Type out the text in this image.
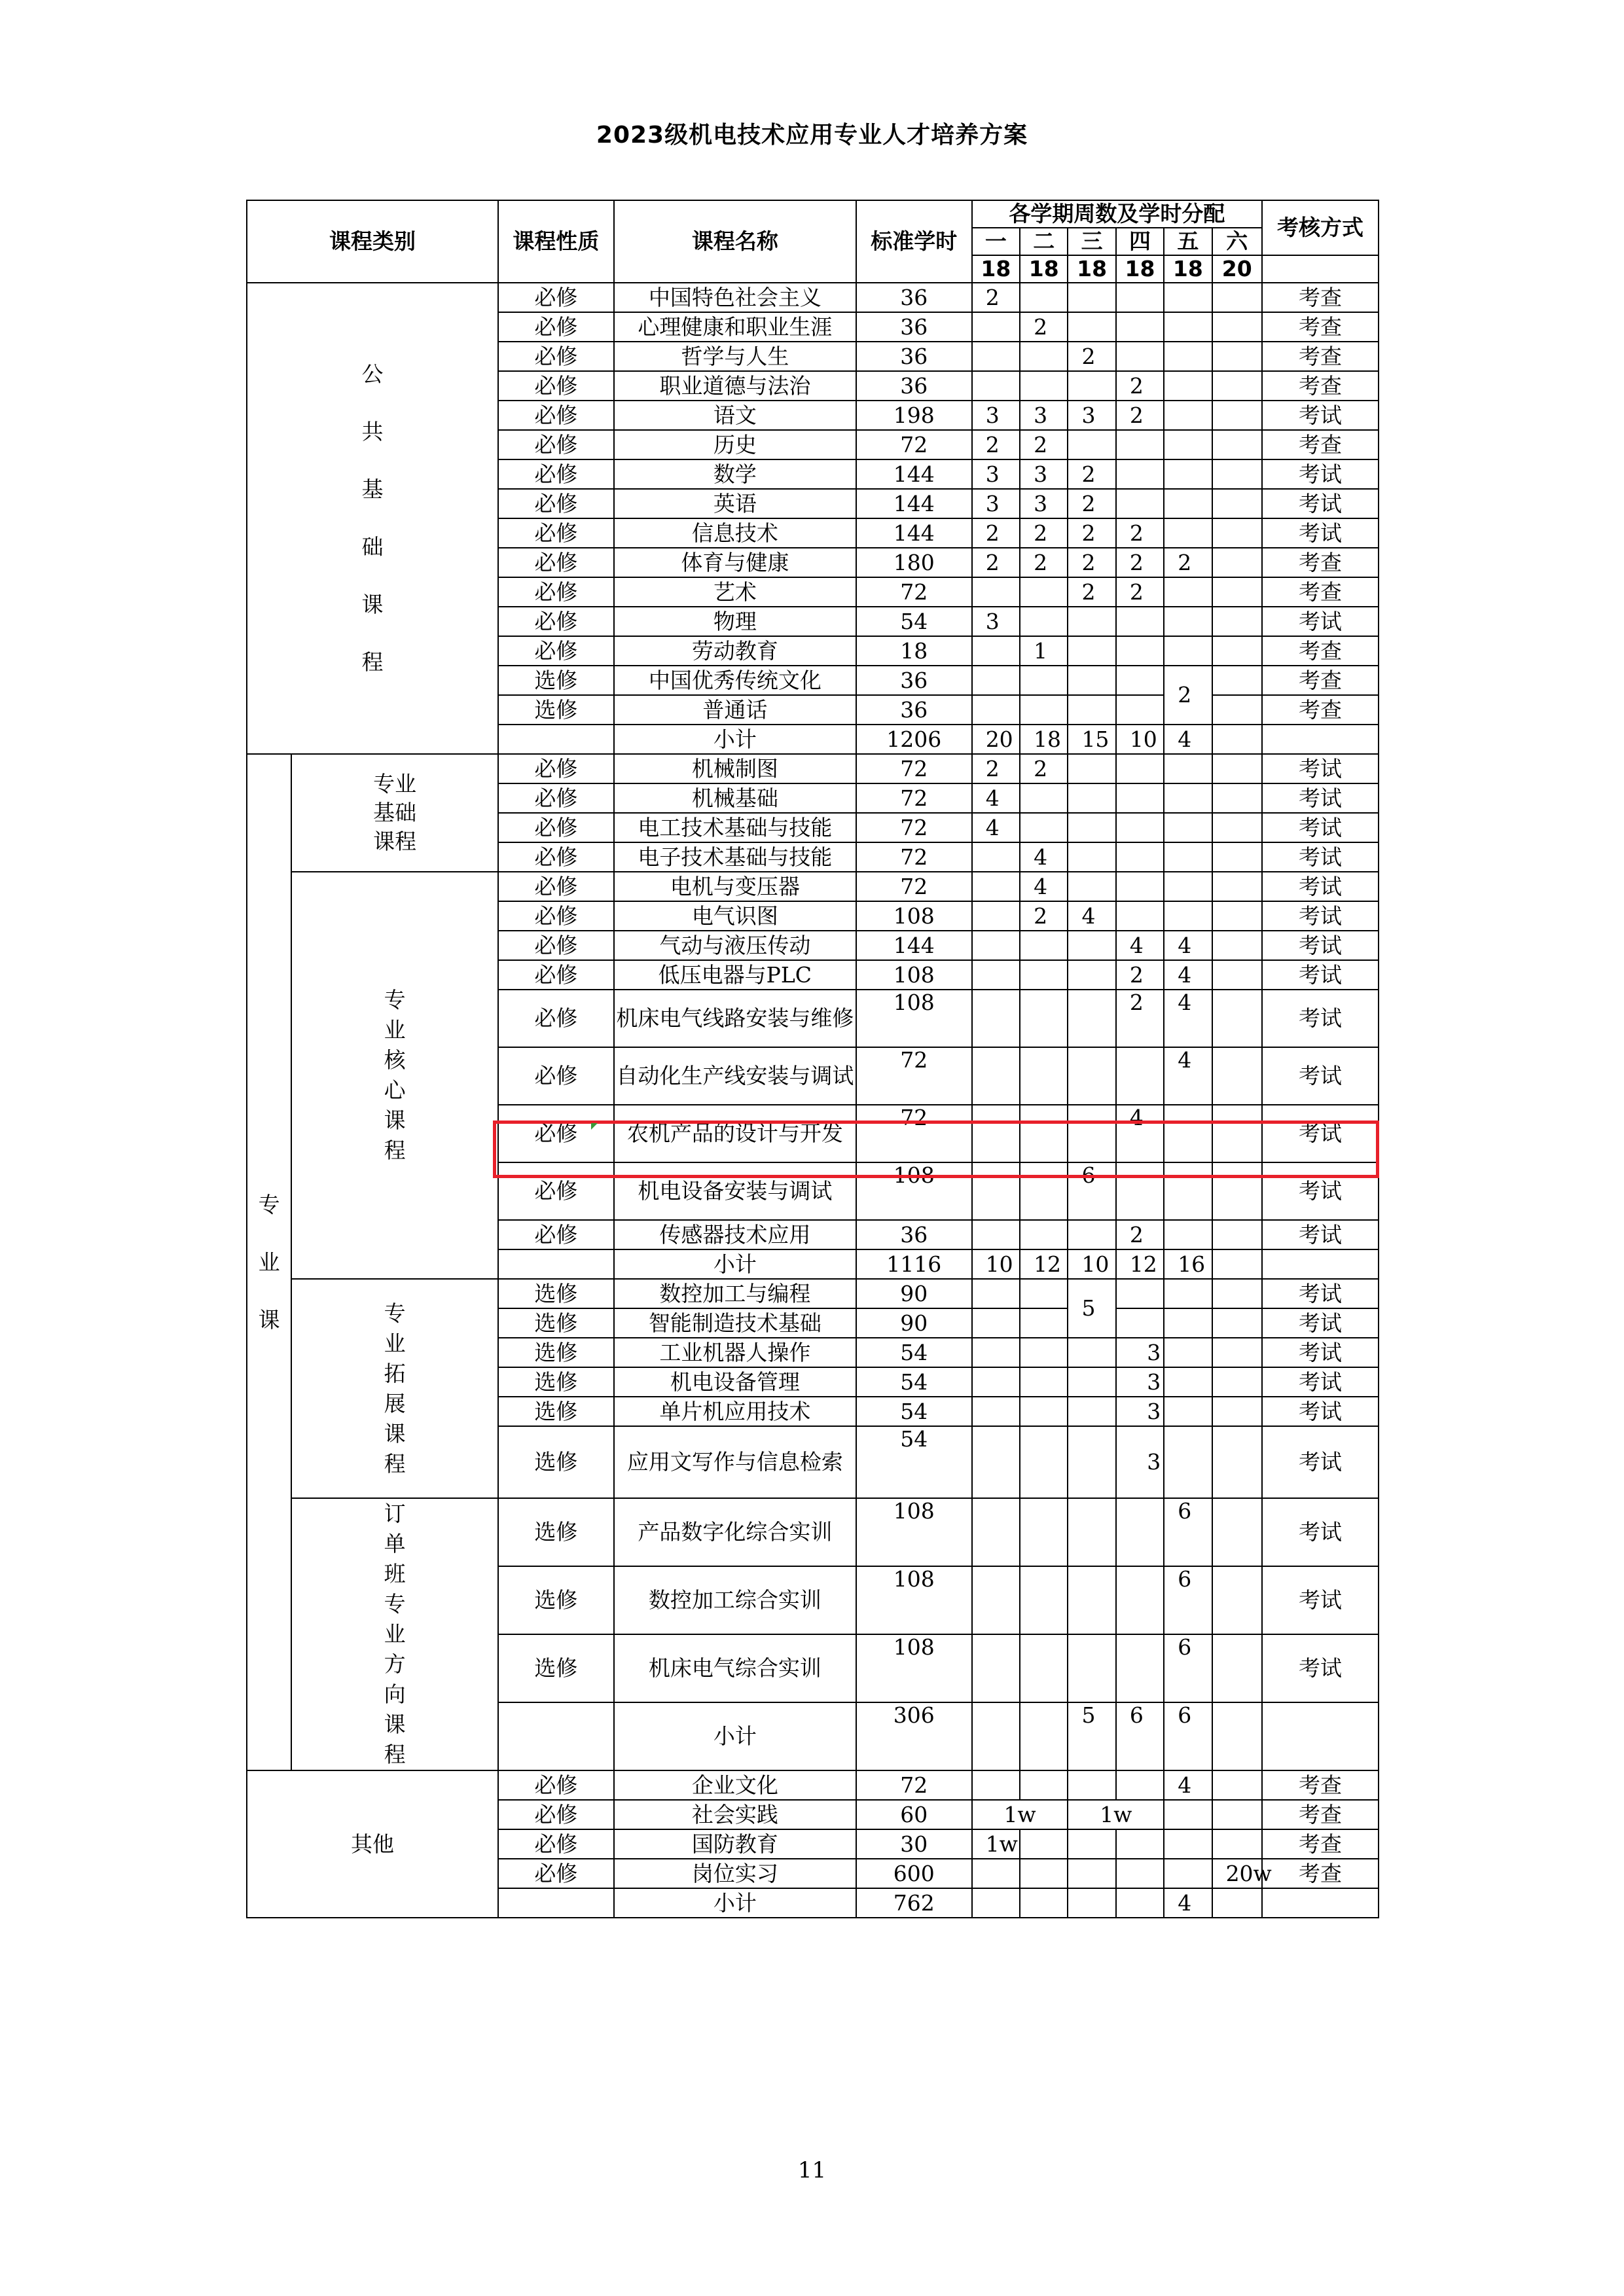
2023级机电技术应用专业人才培养方案
课程类别		课程性质	课程名称	标准学时	各学期周数及学时分配						考核方式
					一	二	三	四	五	六	
					18	18	18	18	18	20	
公共基础课程		必修	中国特色社会主义	36	2						考查
		必修	心理健康和职业生涯	36		2					考查
		必修	哲学与人生	36			2				考查
		必修	职业道德与法治	36				2			考查
		必修	语文	198	3	3	3	2			考试
		必修	历史	72	2	2					考查
		必修	数学	144	3	3	2				考试
		必修	英语	144	3	3	2				考试
		必修	信息技术	144	2	2	2	2			考试
		必修	体育与健康	180	2	2	2	2	2		考查
		必修	艺术	72			2	2			考查
		必修	物理	54	3						考试
		必修	劳动教育	18		1					考查
		选修	中国优秀传统文化	36					2		考查
		选修	普通话	36							考查
			小计	1206	20	18	15	10	4		
专业课	专业基础课程	必修	机械制图	72	2	2					考试
		必修	机械基础	72	4						考试
		必修	电工技术基础与技能	72	4						考试
		必修	电子技术基础与技能	72		4					考试
	专业核心课程	必修	电机与变压器	72		4					考试
		必修	电气识图	108		2	4				考试
		必修	气动与液压传动	144				4	4		考试
		必修	低压电器与PLC	108				2	4		考试
		必修	机床电气线路安装与维修	108				2	4		考试
		必修	自动化生产线安装与调试	72					4		考试
		必修	农机产品的设计与开发	72				4			考试
		必修	机电设备安装与调试	108			6				考试
		必修	传感器技术应用	36				2			考试
			小计	1116	10	12	10	12	16		
	专业拓展课程	选修	数控加工与编程	90			5				考试
		选修	智能制造技术基础	90							考试
		选修	工业机器人操作	54				3			考试
		选修	机电设备管理	54				3			考试
		选修	单片机应用技术	54				3			考试
		选修	应用文写作与信息检索	54				3			考试
	订单班专业方向课程	选修	产品数字化综合实训	108					6		考试
		选修	数控加工综合实训	108					6		考试
		选修	机床电气综合实训	108					6		考试
			小计	306			5	6	6		
其他		必修	企业文化	72					4		考查
		必修	社会实践	60	1w		1w				考查
		必修	国防教育	30	1w						考查
		必修	岗位实习	600						20w	考查
			小计	762					4		
11
